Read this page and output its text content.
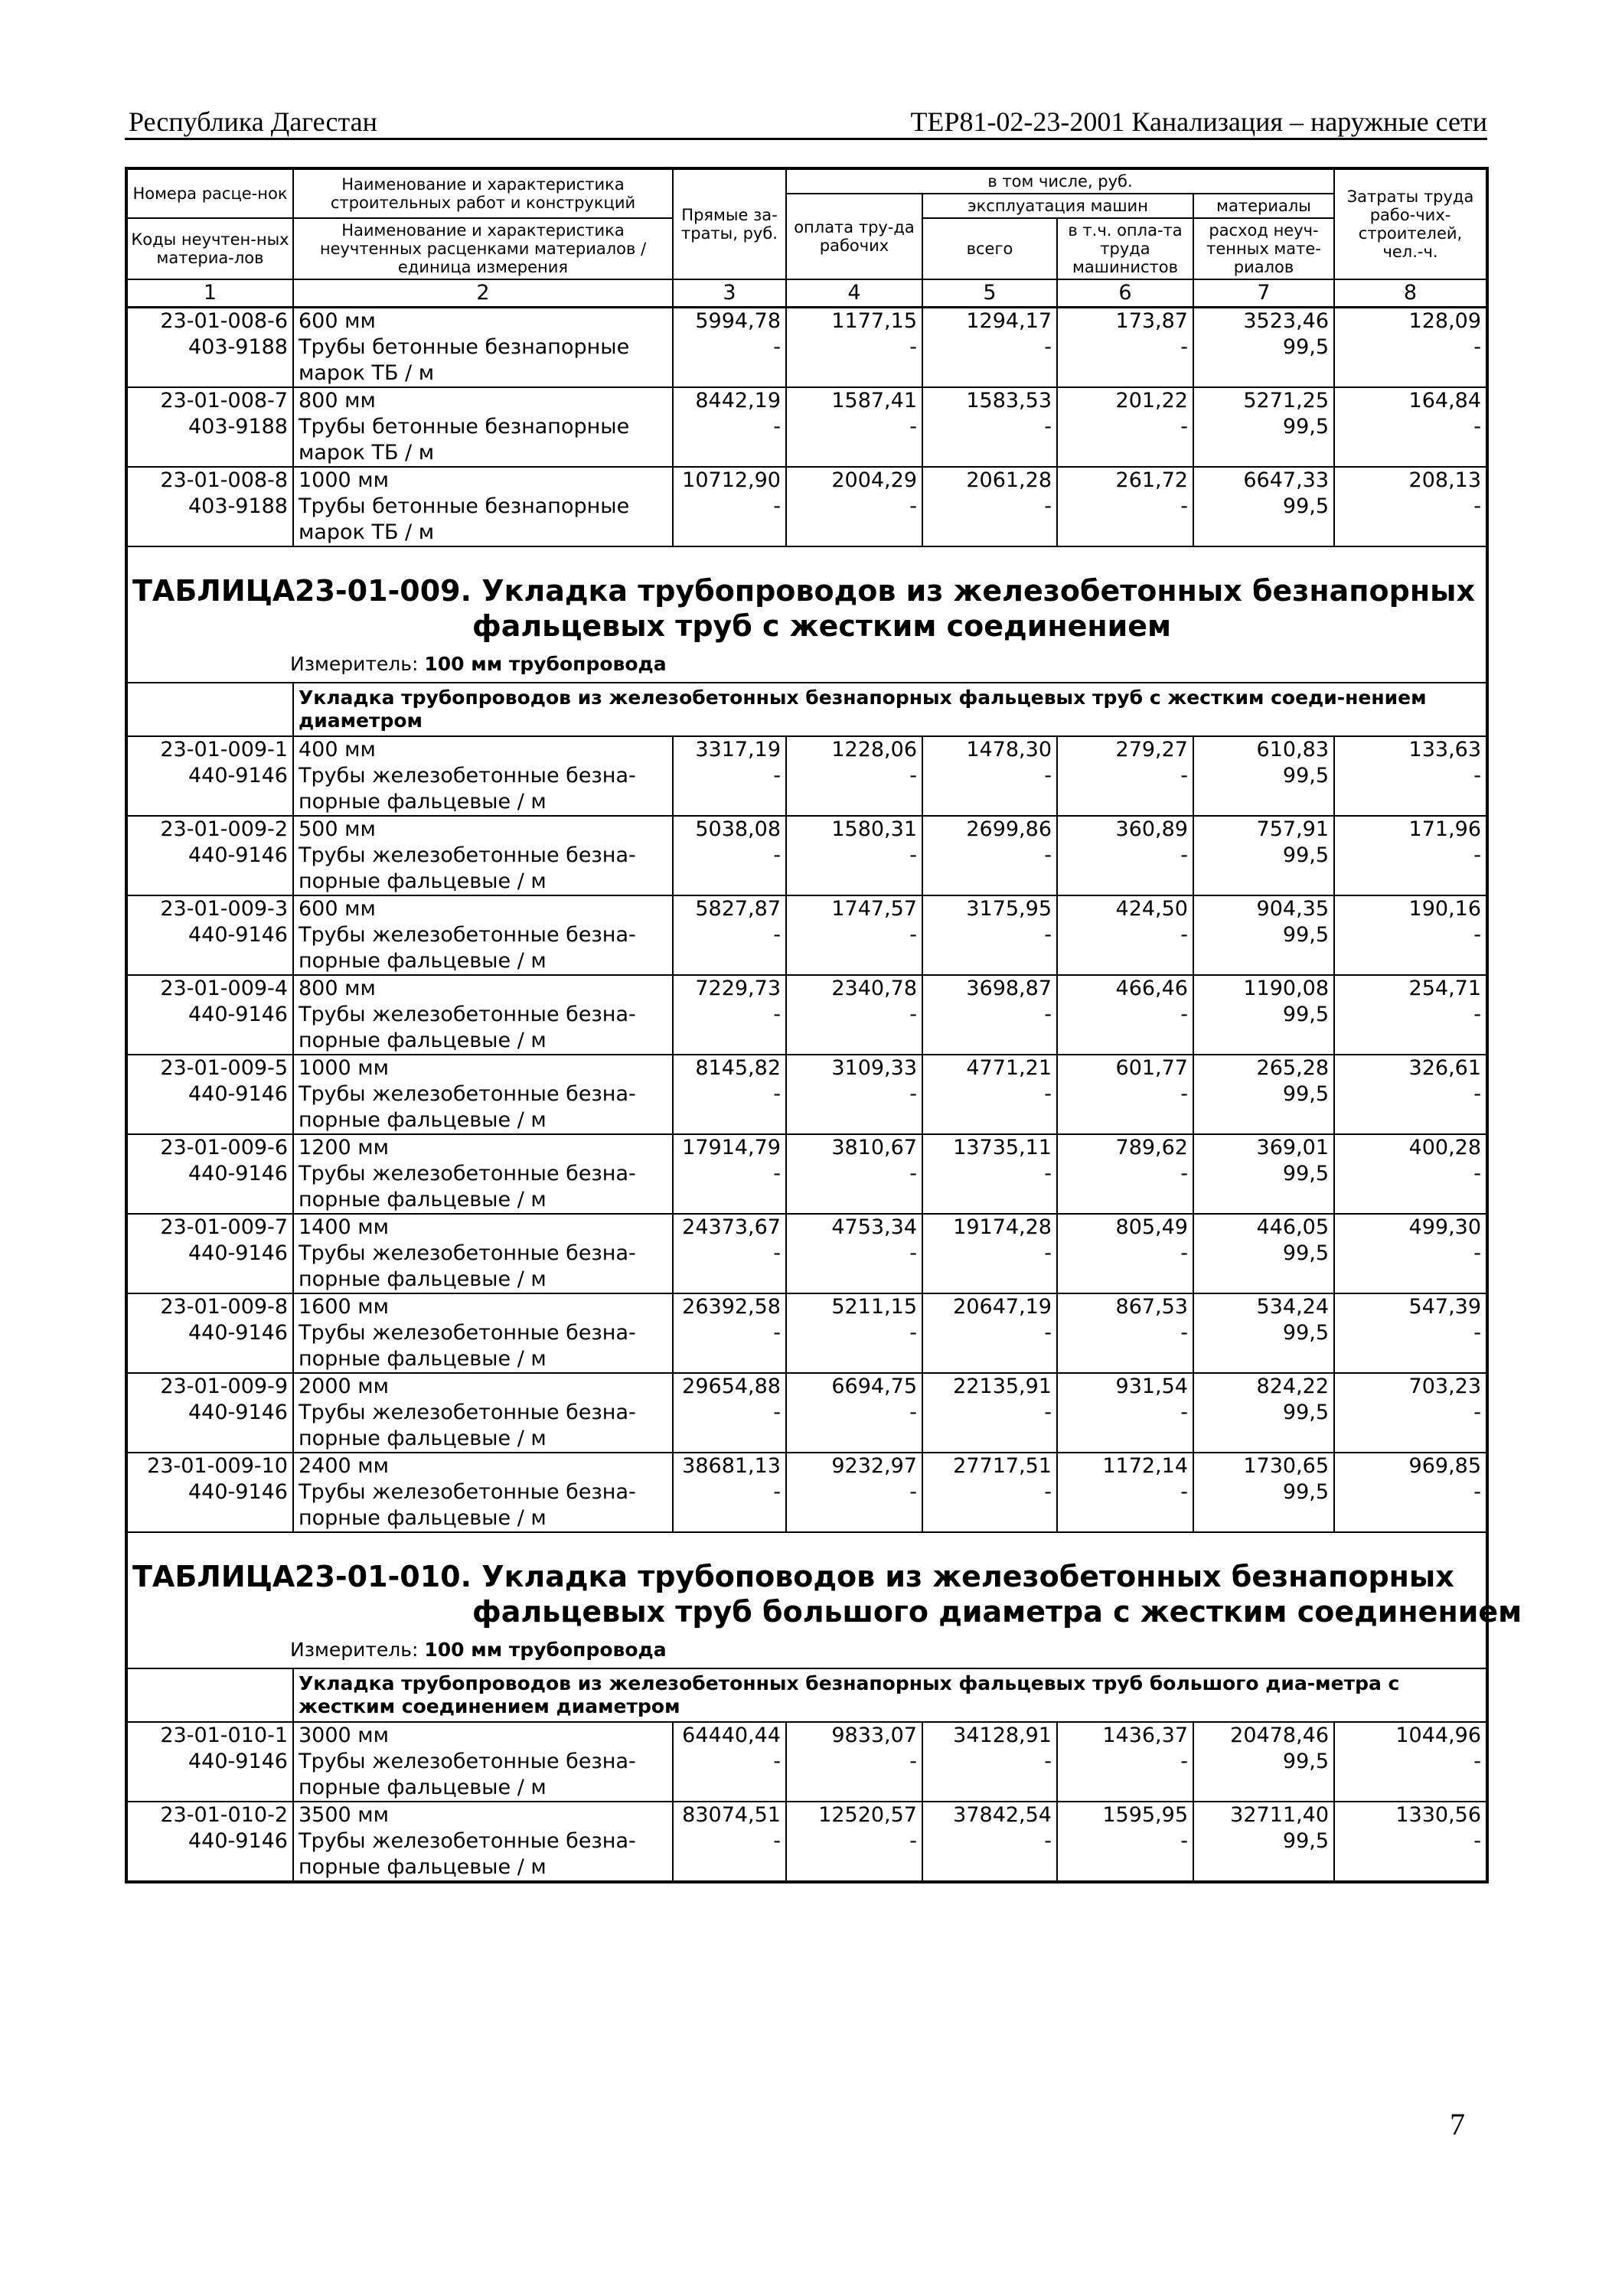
Республика Дагестан	ТЕР81-02-23-2001 Канализация – наружные сети
Номера расце-нок	Наименование и характеристика строительных работ и конструкций	Прямые за-траты, руб.	в том числе, руб.				Затраты труда рабо-чих-строителей, чел.-ч.
			оплата тру-да рабочих	эксплуатация машин		материалы	
Коды неучтен-ных материа-лов	Наименование и характеристика неучтенных расценками материалов / единица измерения			всего	в т.ч. опла-та труда машинистов	расход неуч-тенных мате-риалов	

1	2	3	4	5	6	7	8
23-01-008-6	600 мм	5994,78	1177,15	1294,17	173,87	3523,46	128,09
403-9188	Трубы бетонные безнапорные марок ТБ / м	-	-	-	-	99,5	-
23-01-008-7	800 мм	8442,19	1587,41	1583,53	201,22	5271,25	164,84
403-9188	Трубы бетонные безнапорные марок ТБ / м	-	-	-	-	99,5	-
23-01-008-8	1000 мм	10712,90	2004,29	2061,28	261,72	6647,33	208,13
403-9188	Трубы бетонные безнапорные марок ТБ / м	-	-	-	-	99,5	-

ТАБЛИЦА 23-01-009. Укладка трубопроводов из железобетонных безнапорных
фальцевых труб с жестким соединением							

Измеритель: 100 мм трубопровода							
	Укладка трубопроводов из железобетонных безнапорных фальцевых труб с жестким соеди-нением диаметром						
23-01-009-1	400 мм	3317,19	1228,06	1478,30	279,27	610,83	133,63
440-9146	Трубы железобетонные безна-порные фальцевые / м	-	-	-	-	99,5	-
23-01-009-2	500 мм	5038,08	1580,31	2699,86	360,89	757,91	171,96
440-9146	Трубы железобетонные безна-порные фальцевые / м	-	-	-	-	99,5	-
23-01-009-3	600 мм	5827,87	1747,57	3175,95	424,50	904,35	190,16
440-9146	Трубы железобетонные безна-порные фальцевые / м	-	-	-	-	99,5	-
23-01-009-4	800 мм	7229,73	2340,78	3698,87	466,46	1190,08	254,71
440-9146	Трубы железобетонные безна-порные фальцевые / м	-	-	-	-	99,5	-
23-01-009-5	1000 мм	8145,82	3109,33	4771,21	601,77	265,28	326,61
440-9146	Трубы железобетонные безна-порные фальцевые / м	-	-	-	-	99,5	-
23-01-009-6	1200 мм	17914,79	3810,67	13735,11	789,62	369,01	400,28
440-9146	Трубы железобетонные безна-порные фальцевые / м	-	-	-	-	99,5	-
23-01-009-7	1400 мм	24373,67	4753,34	19174,28	805,49	446,05	499,30
440-9146	Трубы железобетонные безна-порные фальцевые / м	-	-	-	-	99,5	-
23-01-009-8	1600 мм	26392,58	5211,15	20647,19	867,53	534,24	547,39
440-9146	Трубы железобетонные безна-порные фальцевые / м	-	-	-	-	99,5	-
23-01-009-9	2000 мм	29654,88	6694,75	22135,91	931,54	824,22	703,23
440-9146	Трубы железобетонные безна-порные фальцевые / м	-	-	-	-	99,5	-
23-01-009-10	2400 мм	38681,13	9232,97	27717,51	1172,14	1730,65	969,85
440-9146	Трубы железобетонные безна-порные фальцевые / м	-	-	-	-	99,5	-

ТАБЛИЦА 23-01-010. Укладка трубоповодов из железобетонных безнапорных
фальцевых труб большого диаметра с жестким соединением							

Измеритель: 100 мм трубопровода							
	Укладка трубопроводов из железобетонных безнапорных фальцевых труб большого диа-метра с жестким соединением диаметром						
23-01-010-1	3000 мм	64440,44	9833,07	34128,91	1436,37	20478,46	1044,96
440-9146	Трубы железобетонные безна-порные фальцевые / м	-	-	-	-	99,5	-
23-01-010-2	3500 мм	83074,51	12520,57	37842,54	1595,95	32711,40	1330,56
440-9146	Трубы железобетонные безна-порные фальцевые / м	-	-	-	-	99,5	-
7
